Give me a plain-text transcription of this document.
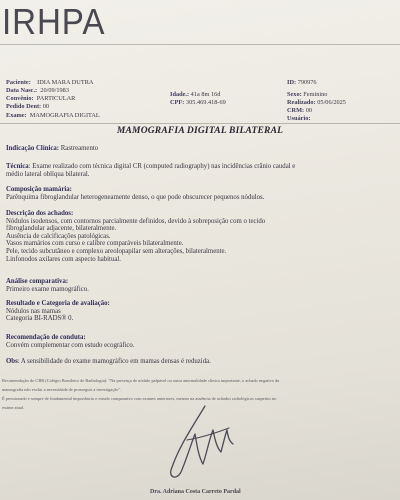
IRHPA
Paciente: IDIA MARA DUTRA
Data Nasc.: 20/09/1983
Convênio: PARTICULAR
Pedido Dent: 00
Exame: MAMOGRAFIA DIGITAL
Idade.: 41a 8m 16d
CPF: 305.469.418-69
ID: 790976
Sexo: Feminino
Realizado: 05/06/2025
CRM: 00
Usuário:
MAMOGRAFIA DIGITAL BILATERAL
Indicação Clínica: Rastreamento
Técnica: Exame realizado com técnica digital CR (computed radiography) nas incidências crânio caudal e
médio lateral oblíqua bilateral.
Composição mamária:
Parênquima fibroglandular heterogeneamente denso, o que pode obscurecer pequenos nódulos.
Descrição dos achados:
Nódulos isodensos, com contornos parcialmente definidos, devido à sobreposição com o tecido
fibroglandular adjacente, bilateralmente.
Ausência de calcificações patológicas.
Vasos mamários com curso e calibre comparáveis bilateralmente.
Pele, tecido subcutâneo e complexo areolopapilar sem alterações, bilateralmente.
Linfonodos axilares com aspecto habitual.
Análise comparativa:
Primeiro exame mamográfico.
Resultado e Categoria de avaliação:
Nódulos nas mamas
Categoria BI-RADS® 0.
Recomendação de conduta:
Convém complementar com estudo ecográfico.
Obs: A sensibilidade do exame mamográfico em mamas densas é reduzida.
Recomendação do CBR (Colégio Brasileiro de Radiologia): "Na presença de nódulo palpável ou outra anormalidade clínica importante, o achado negativo da
mamografia não exclui a necessidade de prosseguir a investigação".
É pressionado e sempre de fundamental importância o estudo comparativo com exames anteriores, mesmo na ausência de achados radiológicos suspeitos no
exame atual.
Dra. Adriana Costa Carreto Pardal
